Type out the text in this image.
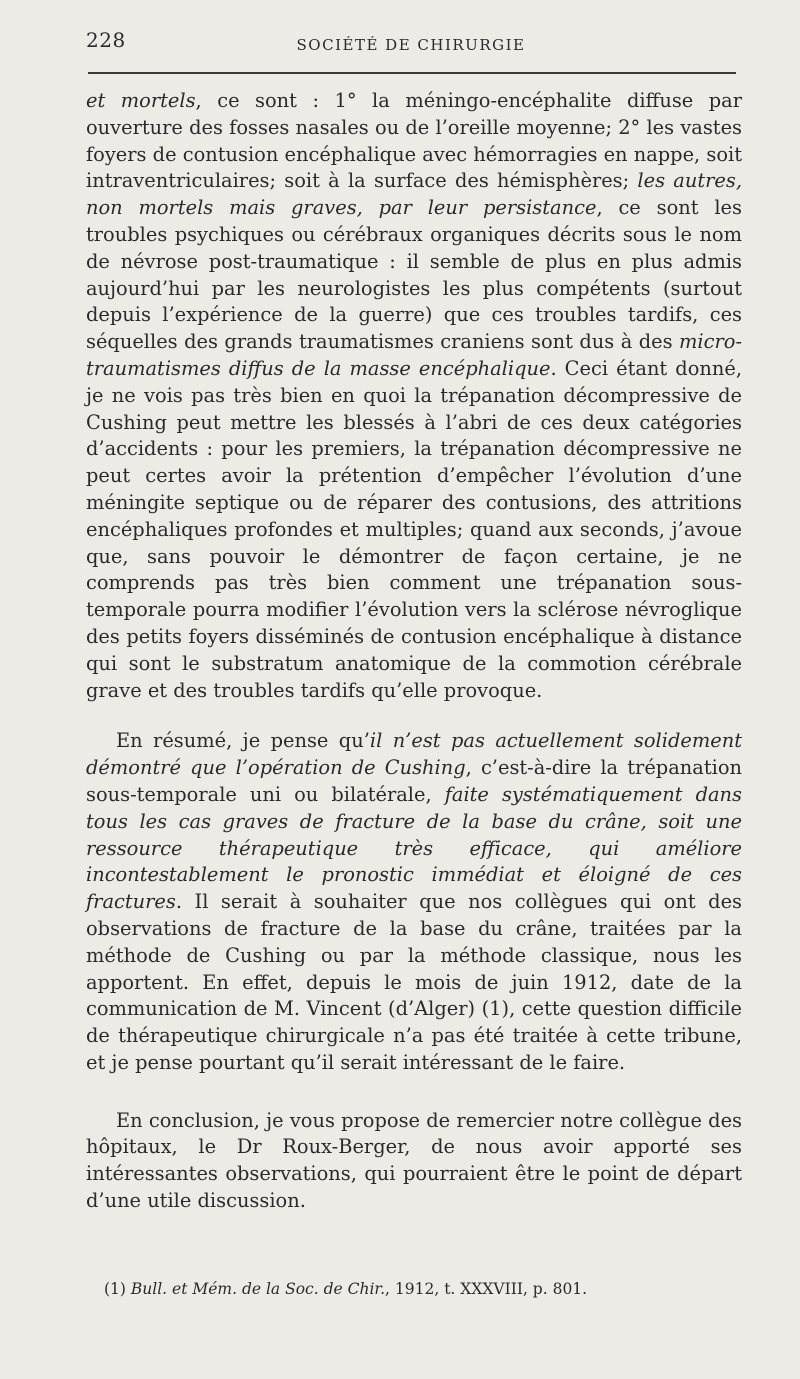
228	SOCIÉTÉ DE CHIRURGIE

et mortels, ce sont : 1° la méningo-encéphalite diffuse par ouverture des fosses nasales ou de l’oreille moyenne; 2° les vastes foyers de contusion encéphalique avec hémorragies en nappe, soit intraventriculaires; soit à la surface des hémisphères; les autres, non mortels mais graves, par leur persistance, ce sont les troubles psychiques ou cérébraux organiques décrits sous le nom de névrose post-traumatique : il semble de plus en plus admis aujourd’hui par les neurologistes les plus compétents (surtout depuis l’expérience de la guerre) que ces troubles tardifs, ces séquelles des grands traumatismes craniens sont dus à des micro-traumatismes diffus de la masse encéphalique. Ceci étant donné, je ne vois pas très bien en quoi la trépanation décompressive de Cushing peut mettre les blessés à l’abri de ces deux catégories d’accidents : pour les premiers, la trépanation décompressive ne peut certes avoir la prétention d’empêcher l’évolution d’une méningite septique ou de réparer des contusions, des attritions encéphaliques profondes et multiples; quand aux seconds, j’avoue que, sans pouvoir le démontrer de façon certaine, je ne comprends pas très bien comment une trépanation sous-temporale pourra modifier l’évolution vers la sclérose névroglique des petits foyers disséminés de contusion encéphalique à distance qui sont le substratum anatomique de la commotion cérébrale grave et des troubles tardifs qu’elle provoque.

En résumé, je pense qu’il n’est pas actuellement solidement démontré que l’opération de Cushing, c’est-à-dire la trépanation sous-temporale uni ou bilatérale, faite systématiquement dans tous les cas graves de fracture de la base du crâne, soit une ressource thérapeutique très efficace, qui améliore incontestablement le pronostic immédiat et éloigné de ces fractures. Il serait à souhaiter que nos collègues qui ont des observations de fracture de la base du crâne, traitées par la méthode de Cushing ou par la méthode classique, nous les apportent. En effet, depuis le mois de juin 1912, date de la communication de M. Vincent (d’Alger) (1), cette question difficile de thérapeutique chirurgicale n’a pas été traitée à cette tribune, et je pense pourtant qu’il serait intéressant de le faire.

En conclusion, je vous propose de remercier notre collègue des hôpitaux, le Dr Roux-Berger, de nous avoir apporté ses intéressantes observations, qui pourraient être le point de départ d’une utile discussion.

(1) Bull. et Mém. de la Soc. de Chir., 1912, t. XXXVIII, p. 801.
